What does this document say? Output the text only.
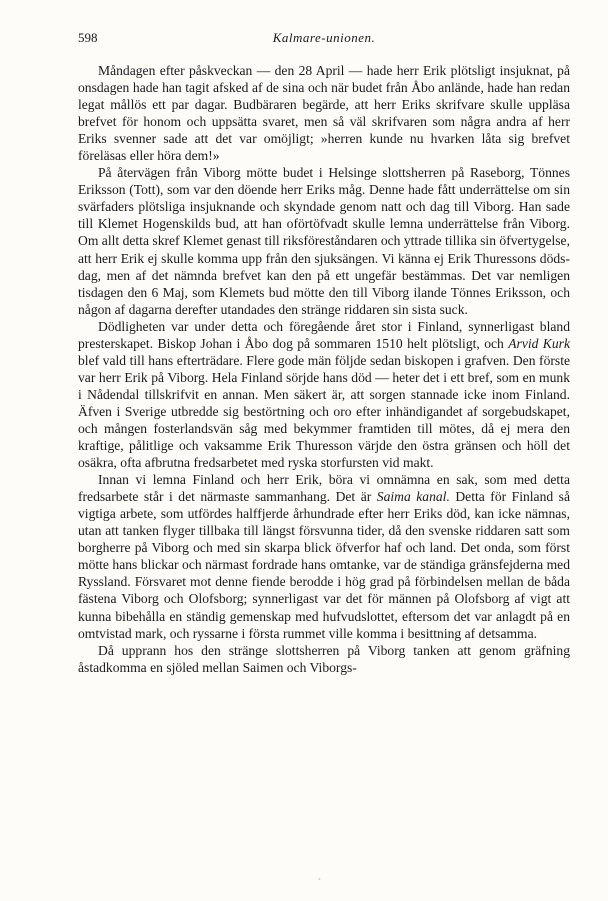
598	Kalmare-unionen.

Måndagen efter påskveckan — den 28 April — hade herr Erik plötsligt insjuknat, på onsdagen hade han tagit afsked af de sina och när budet från Åbo anlände, hade han redan legat mållös ett par dagar. Budbäraren begärde, att herr Eriks skrifvare skulle uppläsa brefvet för honom och uppsätta svaret, men så väl skrifvaren som några andra af herr Eriks svenner sade att det var omöjligt; »herren kunde nu hvarken låta sig brefvet föreläsas eller höra dem!»

På återvägen från Viborg mötte budet i Helsinge slottsherren på Raseborg, Tönnes Eriksson (Tott), som var den döende herr Eriks måg. Denne hade fått underrättelse om sin svärfaders plötsliga insjuknande och skyndade genom natt och dag till Viborg. Han sade till Klemet Hogenskilds bud, att han oförtöfvadt skulle lemna underrättelse från Viborg. Om allt detta skref Klemet genast till riksföreståndaren och yttrade tillika sin öfvertygelse, att herr Erik ej skulle komma upp från den sjuksängen. Vi känna ej Erik Thuressons dödsdag, men af det nämnda brefvet kan den på ett ungefär bestämmas. Det var nemligen tisdagen den 6 Maj, som Klemets bud mötte den till Viborg ilande Tönnes Eriksson, och någon af dagarna derefter utandades den stränge riddaren sin sista suck.

Dödligheten var under detta och föregående året stor i Finland, synnerligast bland presterskapet. Biskop Johan i Åbo dog på sommaren 1510 helt plötsligt, och Arvid Kurk blef vald till hans efterträdare. Flere gode män följde sedan biskopen i grafven. Den förste var herr Erik på Viborg. Hela Finland sörjde hans död — heter det i ett bref, som en munk i Nådendal tillskrifvit en annan. Men säkert är, att sorgen stannade icke inom Finland. Äfven i Sverige utbredde sig bestörtning och oro efter inhändigandet af sorgebudskapet, och mången fosterlandsvän såg med bekymmer framtiden till mötes, då ej mera den kraftige, pålitlige och vaksamme Erik Thuresson värjde den östra gränsen och höll det osäkra, ofta afbrutna fredsarbetet med ryska storfursten vid makt.

Innan vi lemna Finland och herr Erik, böra vi omnämna en sak, som med detta fredsarbete står i det närmaste sammanhang. Det är Saima kanal. Detta för Finland så vigtiga arbete, som utfördes halffjerde århundrade efter herr Eriks död, kan icke nämnas, utan att tanken flyger tillbaka till längst försvunna tider, då den svenske riddaren satt som borgherre på Viborg och med sin skarpa blick öfverfor haf och land. Det onda, som först mötte hans blickar och närmast fordrade hans omtanke, var de ständiga gränsfejderna med Ryssland. Försvaret mot denne fiende berodde i hög grad på förbindelsen mellan de båda fästena Viborg och Olofsborg; synnerligast var det för männen på Olofsborg af vigt att kunna bibehålla en ständig gemenskap med hufvudslottet, eftersom det var anlagdt på en omtvistad mark, och ryssarne i första rummet ville komma i besittning af detsamma.

Då upprann hos den stränge slottsherren på Viborg tanken att genom gräfning åstadkomma en sjöled mellan Saimen och Viborgs-

˛
